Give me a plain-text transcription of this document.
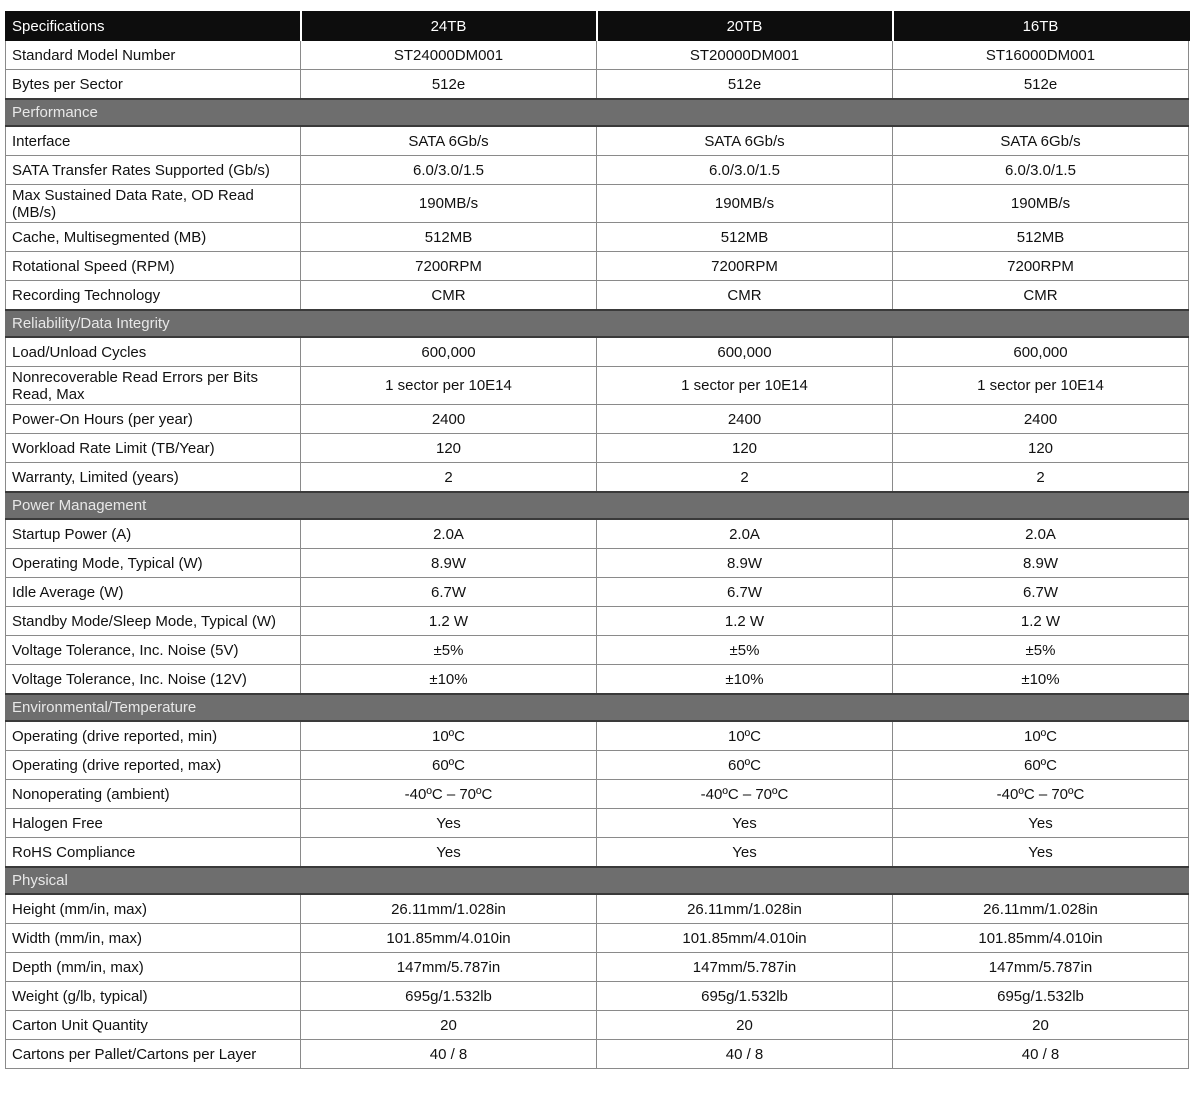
Specifications	24TB	20TB	16TB
Standard Model Number	ST24000DM001	ST20000DM001	ST16000DM001
Bytes per Sector	512e	512e	512e
Performance			
Interface	SATA 6Gb/s	SATA 6Gb/s	SATA 6Gb/s
SATA Transfer Rates Supported (Gb/s)	6.0/3.0/1.5	6.0/3.0/1.5	6.0/3.0/1.5
Max Sustained Data Rate, OD Read (MB/s)	190MB/s	190MB/s	190MB/s
Cache, Multisegmented (MB)	512MB	512MB	512MB
Rotational Speed (RPM)	7200RPM	7200RPM	7200RPM
Recording Technology	CMR	CMR	CMR
Reliability/Data Integrity			
Load/Unload Cycles	600,000	600,000	600,000
Nonrecoverable Read Errors per Bits Read, Max	1 sector per 10E14	1 sector per 10E14	1 sector per 10E14
Power-On Hours (per year)	2400	2400	2400
Workload Rate Limit (TB/Year)	120	120	120
Warranty, Limited (years)	2	2	2
Power Management			
Startup Power (A)	2.0A	2.0A	2.0A
Operating Mode, Typical (W)	8.9W	8.9W	8.9W
Idle Average (W)	6.7W	6.7W	6.7W
Standby Mode/Sleep Mode, Typical (W)	1.2 W	1.2 W	1.2 W
Voltage Tolerance, Inc. Noise (5V)	±5%	±5%	±5%
Voltage Tolerance, Inc. Noise (12V)	±10%	±10%	±10%
Environmental/Temperature			
Operating (drive reported, min)	10ºC	10ºC	10ºC
Operating (drive reported, max)	60ºC	60ºC	60ºC
Nonoperating (ambient)	-40ºC – 70ºC	-40ºC – 70ºC	-40ºC – 70ºC
Halogen Free	Yes	Yes	Yes
RoHS Compliance	Yes	Yes	Yes
Physical			
Height (mm/in, max)	26.11mm/1.028in	26.11mm/1.028in	26.11mm/1.028in
Width (mm/in, max)	101.85mm/4.010in	101.85mm/4.010in	101.85mm/4.010in
Depth (mm/in, max)	147mm/5.787in	147mm/5.787in	147mm/5.787in
Weight (g/lb, typical)	695g/1.532lb	695g/1.532lb	695g/1.532lb
Carton Unit Quantity	20	20	20
Cartons per Pallet/Cartons per Layer	40 / 8	40 / 8	40 / 8
